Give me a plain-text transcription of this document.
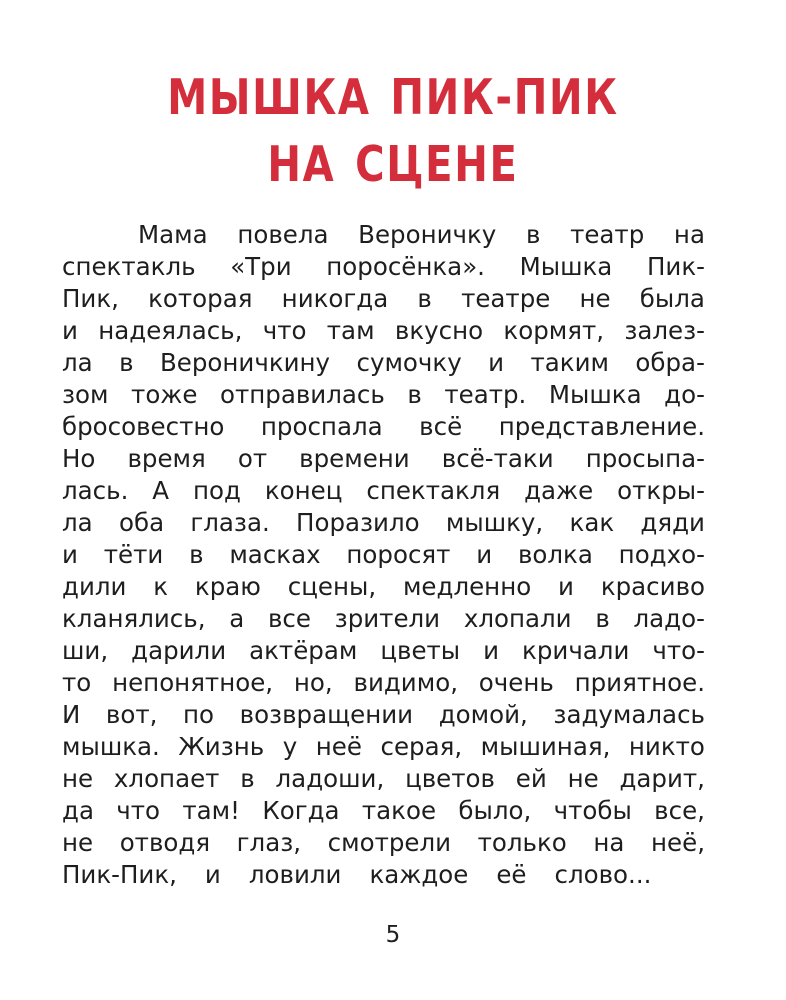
МЫШКА ПИК-ПИК
НА СЦЕНЕ
Мама повела Вероничку в театр на
спектакль «Три поросёнка». Мышка Пик-
Пик, которая никогда в театре не была
и надеялась, что там вкусно кормят, залез-
ла в Вероничкину сумочку и таким обра-
зом тоже отправилась в театр. Мышка до-
бросовестно проспала всё представление.
Но время от времени всё-таки просыпа-
лась. А под конец спектакля даже откры-
ла оба глаза. Поразило мышку, как дяди
и тёти в масках поросят и волка подхо-
дили к краю сцены, медленно и красиво
кланялись, а все зрители хлопали в ладо-
ши, дарили актёрам цветы и кричали что-
то непонятное, но, видимо, очень приятное.
И вот, по возвращении домой, задумалась
мышка. Жизнь у неё серая, мышиная, никто
не хлопает в ладоши, цветов ей не дарит,
да что там! Когда такое было, чтобы все,
не отводя глаз, смотрели только на неё,
Пик-Пик, и ловили каждое её слово...
5
